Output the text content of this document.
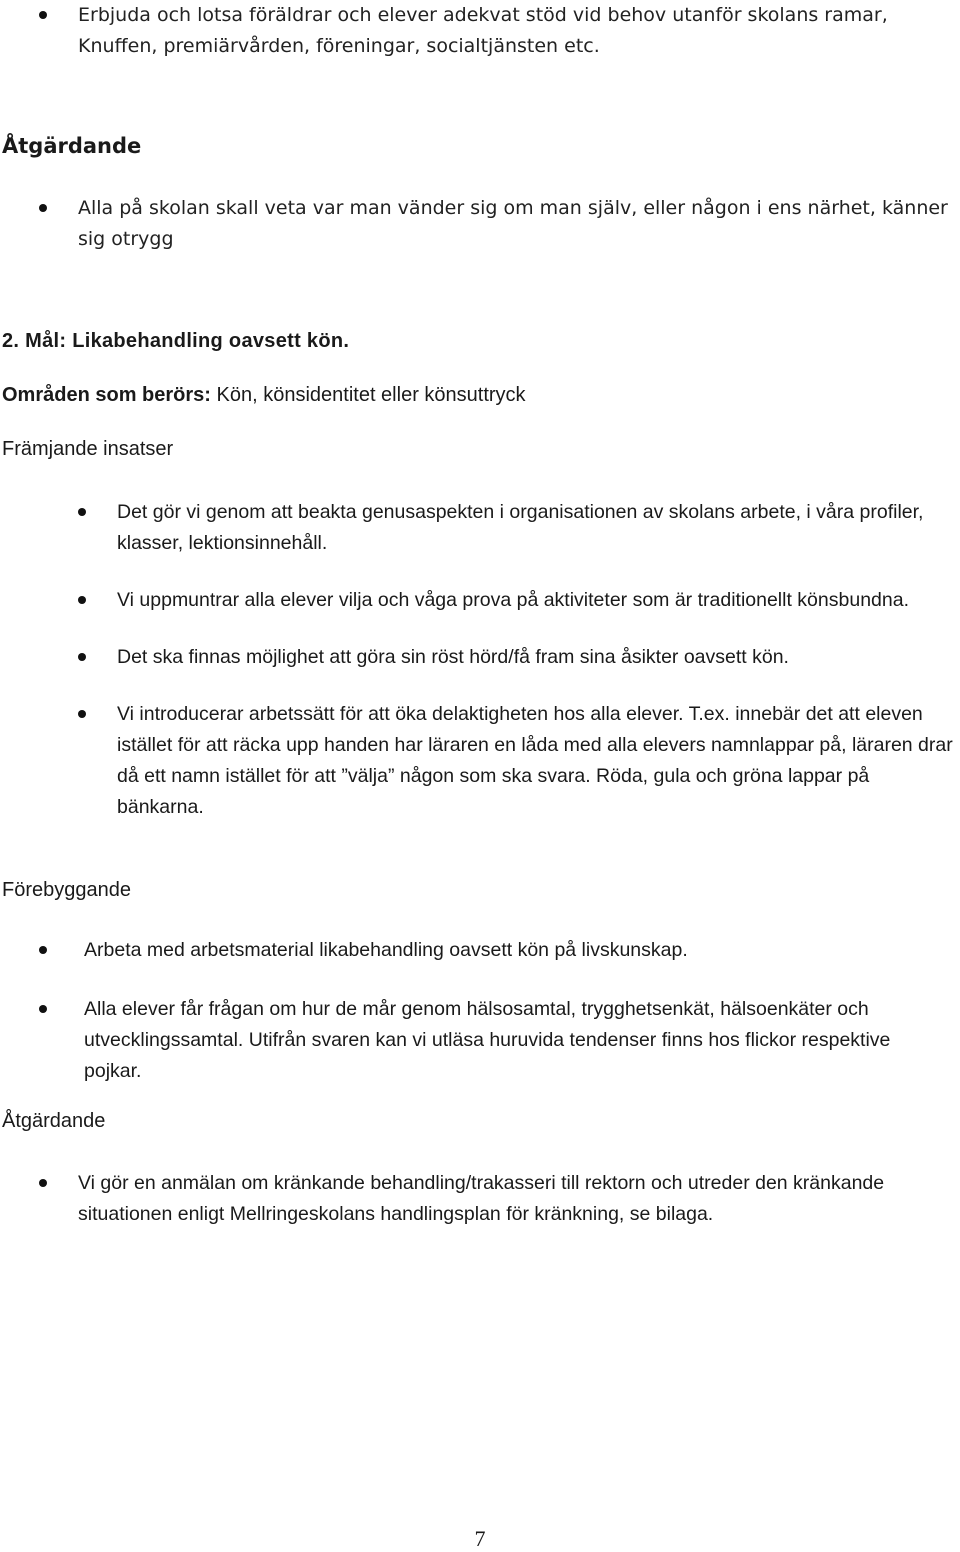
Erbjuda och lotsa föräldrar och elever adekvat stöd vid behov utanför skolans ramar, Knuffen, premiärvården, föreningar, socialtjänsten etc.
Åtgärdande
Alla på skolan skall veta var man vänder sig om man själv, eller någon i ens närhet, känner sig otrygg
2. Mål: Likabehandling oavsett kön.
Områden som berörs: Kön, könsidentitet eller könsuttryck
Främjande insatser
Det gör vi genom att beakta genusaspekten i organisationen av skolans arbete, i våra profiler, klasser, lektionsinnehåll.
Vi uppmuntrar alla elever vilja och våga prova på aktiviteter som är traditionellt könsbundna.
Det ska finnas möjlighet att göra sin röst hörd/få fram sina åsikter oavsett kön.
Vi introducerar arbetssätt för att öka delaktigheten hos alla elever. T.ex. innebär det att eleven istället för att räcka upp handen har läraren en låda med alla elevers namnlappar på, läraren drar då ett namn istället för att ”välja” någon som ska svara. Röda, gula och gröna lappar på bänkarna.
Förebyggande
Arbeta med arbetsmaterial likabehandling oavsett kön på livskunskap.
Alla elever får frågan om hur de mår genom hälsosamtal, trygghetsenkät, hälsoenkäter och utvecklingssamtal. Utifrån svaren kan vi utläsa huruvida tendenser finns hos flickor respektive pojkar.
Åtgärdande
Vi gör en anmälan om kränkande behandling/trakasseri till rektorn och utreder den kränkande situationen enligt Mellringeskolans handlingsplan för kränkning, se bilaga.
7
